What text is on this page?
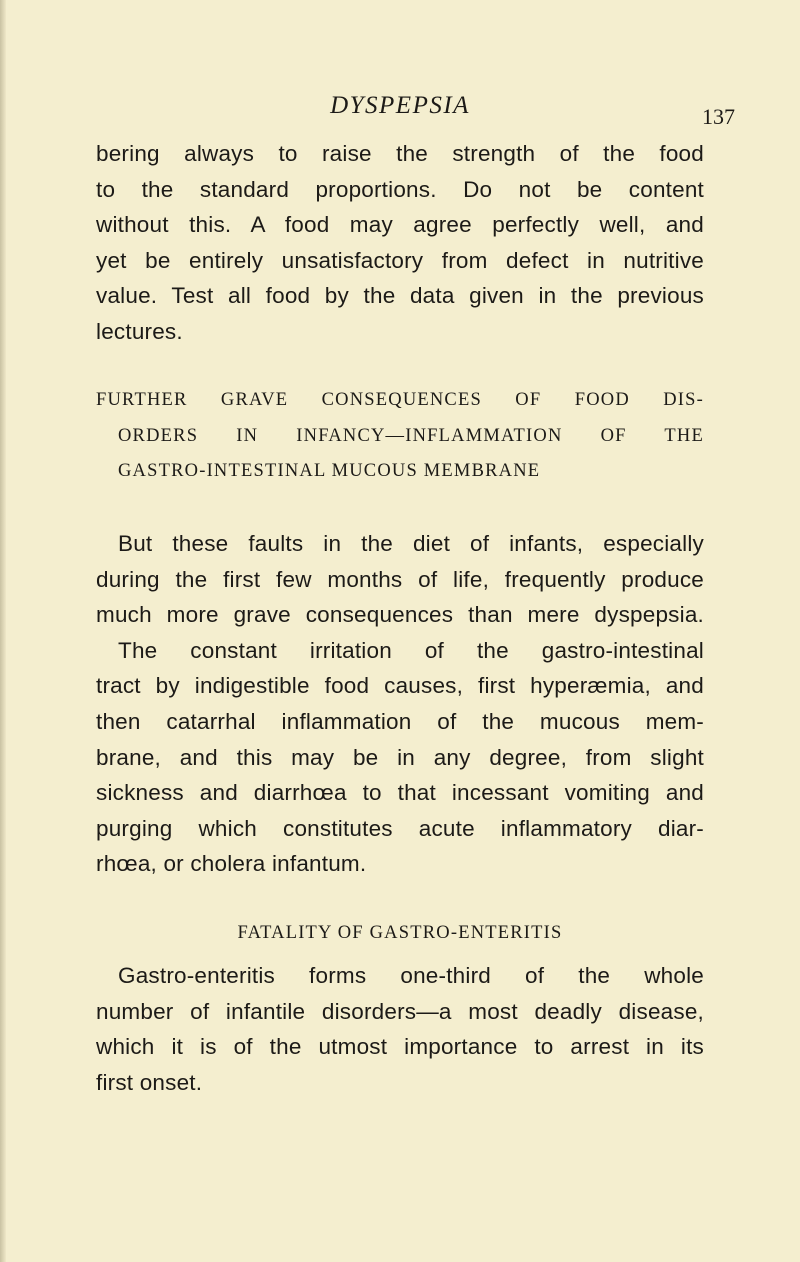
DYSPEPSIA	137
bering always to raise the strength of the food
to the standard proportions. Do not be content
without this. A food may agree perfectly well, and
yet be entirely unsatisfactory from defect in nutritive
value. Test all food by the data given in the previous
lectures.
FURTHER GRAVE CONSEQUENCES OF FOOD DIS-
ORDERS IN INFANCY—INFLAMMATION OF THE
GASTRO-INTESTINAL MUCOUS MEMBRANE
But these faults in the diet of infants, especially
during the first few months of life, frequently produce
much more grave consequences than mere dyspepsia.
The constant irritation of the gastro-intestinal
tract by indigestible food causes, first hyperæmia, and
then catarrhal inflammation of the mucous mem-
brane, and this may be in any degree, from slight
sickness and diarrhœa to that incessant vomiting and
purging which constitutes acute inflammatory diar-
rhœa, or cholera infantum.
FATALITY OF GASTRO-ENTERITIS
Gastro-enteritis forms one-third of the whole
number of infantile disorders—a most deadly disease,
which it is of the utmost importance to arrest in its
first onset.
